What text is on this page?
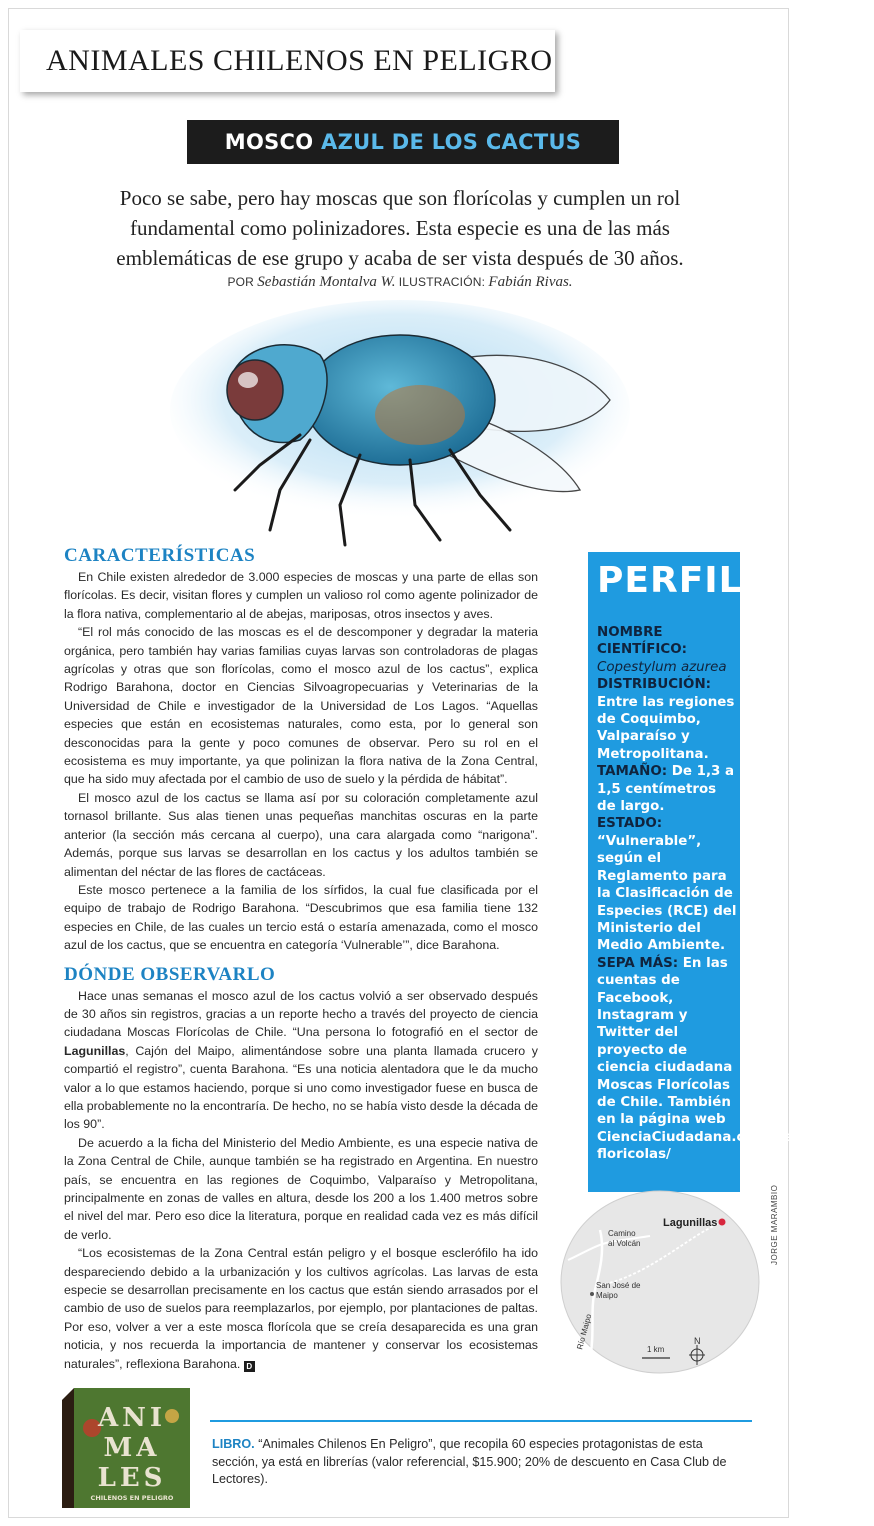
ANIMALES CHILENOS EN PELIGRO
MOSCO AZUL DE LOS CACTUS
Poco se sabe, pero hay moscas que son florícolas y cumplen un rol
fundamental como polinizadores. Esta especie es una de las más
emblemáticas de ese grupo y acaba de ser vista después de 30 años.
POR Sebastián Montalva W. ILUSTRACIÓN: Fabián Rivas.
CARACTERÍSTICAS

En Chile existen alrededor de 3.000 especies de moscas y una parte de ellas son florícolas. Es decir, visitan flores y cumplen un valioso rol como agente polinizador de la flora nativa, complementario al de abejas, mariposas, otros insectos y aves.

“El rol más conocido de las moscas es el de descomponer y degradar la materia orgánica, pero también hay varias familias cuyas larvas son controladoras de plagas agrícolas y otras que son florícolas, como el mosco azul de los cactus”, explica Rodrigo Barahona, doctor en Ciencias Silvoagropecuarias y Veterinarias de la Universidad de Chile e investigador de la Universidad de Los Lagos. “Aquellas especies que están en ecosistemas naturales, como esta, por lo general son desconocidas para la gente y poco comunes de observar. Pero su rol en el ecosistema es muy importante, ya que polinizan la flora nativa de la Zona Central, que ha sido muy afectada por el cambio de uso de suelo y la pérdida de hábitat”.

El mosco azul de los cactus se llama así por su coloración completamente azul tornasol brillante. Sus alas tienen unas pequeñas manchitas oscuras en la parte anterior (la sección más cercana al cuerpo), una cara alargada como “narigona”. Además, porque sus larvas se desarrollan en los cactus y los adultos también se alimentan del néctar de las flores de cactáceas.

Este mosco pertenece a la familia de los sírfidos, la cual fue clasificada por el equipo de trabajo de Rodrigo Barahona. “Descubrimos que esa familia tiene 132 especies en Chile, de las cuales un tercio está o estaría amenazada, como el mosco azul de los cactus, que se encuentra en categoría ‘Vulnerable’”, dice Barahona.

DÓNDE OBSERVARLO

Hace unas semanas el mosco azul de los cactus volvió a ser observado después de 30 años sin registros, gracias a un reporte hecho a través del proyecto de ciencia ciudadana Moscas Florícolas de Chile. “Una persona lo fotografió en el sector de Lagunillas, Cajón del Maipo, alimentándose sobre una planta llamada crucero y compartió el registro”, cuenta Barahona. “Es una noticia alentadora que le da mucho valor a lo que estamos haciendo, porque si uno como investigador fuese en busca de ella probablemente no la encontraría. De hecho, no se había visto desde la década de los 90”.

De acuerdo a la ficha del Ministerio del Medio Ambiente, es una especie nativa de la Zona Central de Chile, aunque también se ha registrado en Argentina. En nuestro país, se encuentra en las regiones de Coquimbo, Valparaíso y Metropolitana, principalmente en zonas de valles en altura, desde los 200 a los 1.400 metros sobre el nivel del mar. Pero eso dice la literatura, porque en realidad cada vez es más difícil de verlo.

“Los ecosistemas de la Zona Central están peligro y el bosque esclerófilo ha ido despareciendo debido a la urbanización y los cultivos agrícolas. Las larvas de esta especie se desarrollan precisamente en los cactus que están siendo arrasados por el cambio de uso de suelos para reemplazarlos, por ejemplo, por plantaciones de paltas. Por eso, volver a ver a este mosca florícola que se creía desaparecida es una gran noticia, y nos recuerda la importancia de mantener y conservar los ecosistemas naturales”, reflexiona Barahona. D

PERFIL
NOMBRE CIENTÍFICO:
Copestylum azurea
DISTRIBUCIÓN:
Entre las regiones de Coquimbo, Valparaíso y Metropolitana.
TAMAÑO: De 1,3 a 1,5 centímetros de largo.
ESTADO: “Vulnerable”, según el Reglamento para la Clasificación de Especies (RCE) del Ministerio del Medio Ambiente.
SEPA MÁS: En las cuentas de Facebook, Instagram y Twitter del proyecto de ciencia ciudadana Moscas Florícolas de Chile. También en la página web CienciaCiudadana.cl/project/moscas-floricolas/
Lagunillas
Camino
al Volcán
San José de
Maipo
Río Maipo	N
1 km
JORGE MARAMBIO
ANI
MA
LES
CHILENOS EN PELIGRO
LIBRO. “Animales Chilenos En Peligro”, que recopila 60 especies protagonistas de esta sección, ya está en librerías (valor referencial, $15.900; 20% de descuento en Casa Club de Lectores).
